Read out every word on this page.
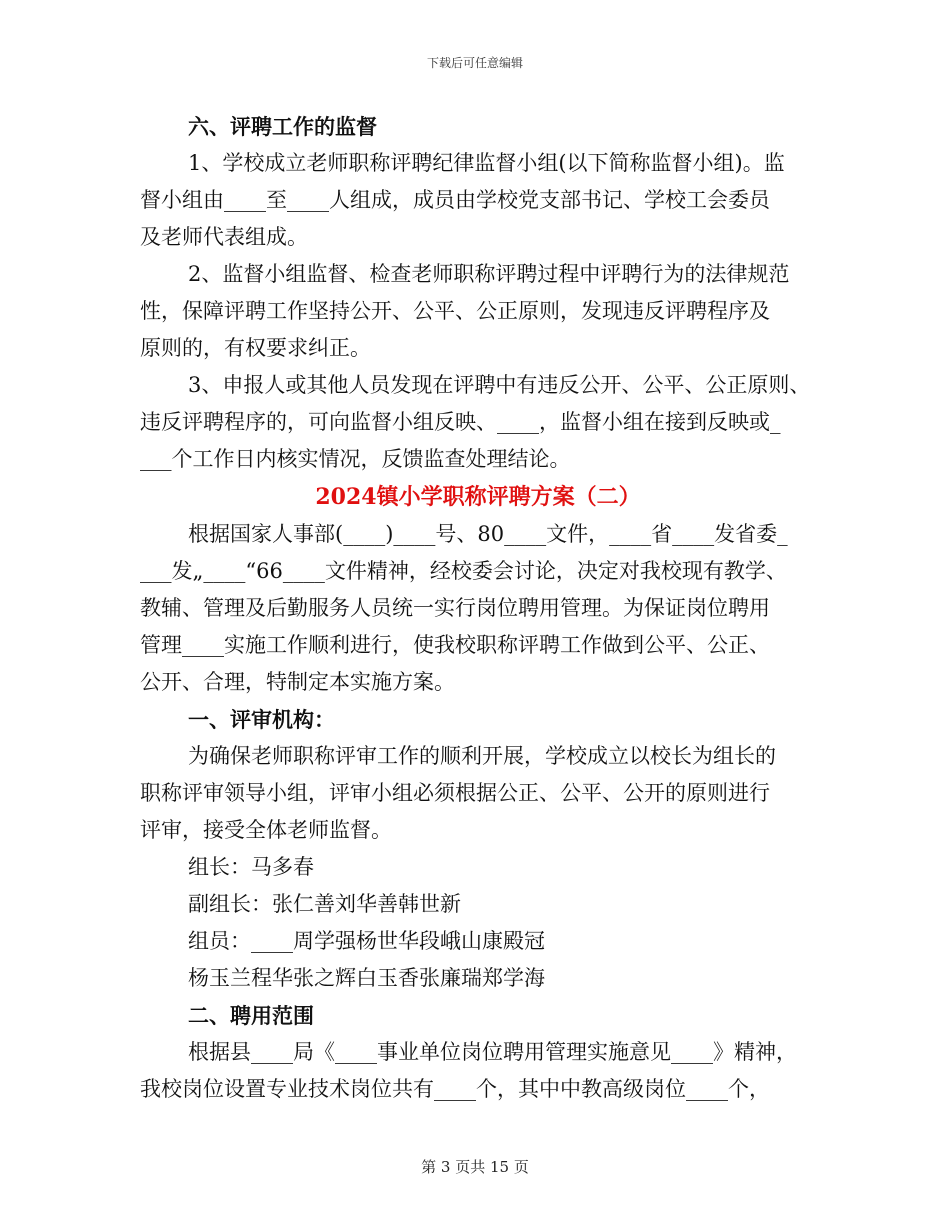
下载后可任意编辑
六、评聘工作的监督
1、学校成立老师职称评聘纪律监督小组(以下简称监督小组)。监
督小组由____至____人组成，成员由学校党支部书记、学校工会委员
及老师代表组成。
2、监督小组监督、检查老师职称评聘过程中评聘行为的法律规范
性，保障评聘工作坚持公开、公平、公正原则，发现违反评聘程序及
原则的，有权要求纠正。
3、申报人或其他人员发现在评聘中有违反公开、公平、公正原则、
违反评聘程序的，可向监督小组反映、____，监督小组在接到反映或_
___个工作日内核实情况，反馈监查处理结论。
2024镇小学职称评聘方案（二）
根据国家人事部(____)____号、80____文件，____省____发省委_
___发„____“66____文件精神，经校委会讨论，决定对我校现有教学、
教辅、管理及后勤服务人员统一实行岗位聘用管理。为保证岗位聘用
管理____实施工作顺利进行，使我校职称评聘工作做到公平、公正、
公开、合理，特制定本实施方案。
一、评审机构：
为确保老师职称评审工作的顺利开展，学校成立以校长为组长的
职称评审领导小组，评审小组必须根据公正、公平、公开的原则进行
评审，接受全体老师监督。
组长：马多春
副组长：张仁善刘华善韩世新
组员：____周学强杨世华段峨山康殿冠
杨玉兰程华张之辉白玉香张廉瑞郑学海
二、聘用范围
根据县____局《____事业单位岗位聘用管理实施意见____》精神，
我校岗位设置专业技术岗位共有____个，其中中教高级岗位____个，
第 3 页共 15 页
